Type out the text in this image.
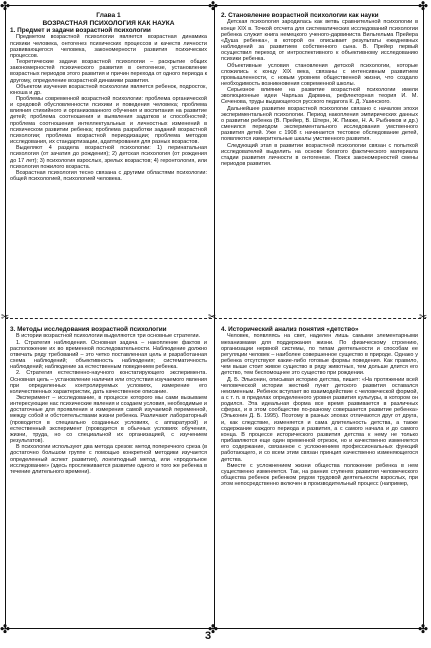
✤	✤
✤	✤
✤
✤
✂	✂	✂
Глава 1
ВОЗРАСТНАЯ ПСИХОЛОГИЯ КАК НАУКА
1. Предмет и задачи возрастной психологии

Предметом возрастной психологии является возрастная динамика психики человека, онтогенез психических процессов и качеств личности развивающегося человека, закономерности развития психических процессов.

Теоретические задачи возрастной психологии – раскрытие общих закономерностей психического развития в онтогенезе, установление возрастных периодов этого развития и причин перехода от одного периода к другому, определение возрастной динамики развития.

Объектом изучения возрастной психологии является ребенок, подросток, юноша и др.

Проблемы современной возрастной психологии: проблема органической и средовой обусловленности психики и поведения человека; проблема влияния стихийного и организованного обучения и воспитания на развитие детей; проблема соотношения и выявления задатков и способностей; проблема соотношения интеллектуальных и личностных изменений в психическом развитии ребенка; проблема разработки заданий возрастной психологии; проблема возрастной периодизации; проблема методов исследования, их стандартизации, адаптирования для разных возрастов.

Выделяют 4 раздела возрастной психологии: 1) перинатальная психология (от зачатия до рождения); 2) детская психология (от рождения до 17 лет); 3) психология взрослых, зрелых возрастов; 4) геронтология, или психология пожилого возраста.

Возрастная психология тесно связана с другими областями психологии: общей психологией, психологией человека.

2. Становление возрастной психологии как науки

Детская психология зародилась как ветвь сравнительной психологии в конце XIX в. Точкой отсчета для систематических исследований психологии ребенка служит книга немецкого ученого-дарвиниста Вильгельма Прейера «Душа ребенка», в которой он описывает результаты ежедневных наблюдений за развитием собственного сына. В. Прейер первый осуществил переход от интроспективного к объективному исследованию психики ребенка.

Объективные условия становления детской психологии, которые сложились к концу XIX века, связаны с интенсивным развитием промышленности, с новым уровнем общественной жизни, что создало необходимость возникновения современной школы.

Серьезное влияние на развитие возрастной психологии имели эволюционные идеи Чарльза Дарвина, рефлекторная теория И. М. Сеченова, труды выдающегося русского педагога К. Д. Ушинского.

Дальнейшее развитие возрастной психологии связано с началом эпохи экспериментальной психологии. Период накопления эмпирических данных о развитии ребенка (В. Прейер, В. Штерн, Ж. Пиаже, Н. А. Рыбников и др.) сменился периодом экспериментального исследования умственного развития детей. Уже с 1908 г. начинается тестовое обследование детей, появляются измерительные шкалы умственного развития.

Следующий этап в развитии возрастной психологии связан с попыткой исследователей выделить на основе богатого фактического материала стадии развития личности в онтогенезе. Поиск закономерностей смены периодов развития.

3. Методы исследования возрастной психологии

В истории возрастной психологии выделяются три основные стратегии.

1. Стратегия наблюдения. Основная задача – накопление фактов и расположение их во временной последовательности. Наблюдение должно отвечать ряду требований – это четко поставленная цель и разработанная схема наблюдений; объективность наблюдения; систематичность наблюдений; наблюдение за естественным поведением ребенка.

2. Стратегия естественно-научного констатирующего эксперимента. Основная цель – установление наличия или отсутствия изучаемого явления при определенных контролируемых условиях, измерение его количественных характеристик, дать качественное описание.

Эксперимент – исследование, в процессе которого мы сами вызываем интересующие нас психические явления и создаем условия, необходимые и достаточные для проявления и измерения самой изучаемой переменной, между собой и обстоятельствами жизни ребенка. Различают лабораторный (проводится в специально созданных условиях, с аппаратурой) и естественный эксперимент (проводится в обычных условиях обучения, жизни, труда, но со специальной их организацией, с изучением результатов).

В психологии используют два метода срезов: метод поперечного среза (в достаточно большом группе с помощью конкретной методики изучается определенный аспект развития), лонгитюдный метод, или «продольное исследование» (здесь прослеживается развитие одного и того же ребенка в течение длительного времени).

4. Исторический анализ понятия «детство»

Человек, появляясь на свет, наделен лишь самыми элементарными механизмами для поддержания жизни. По физическому строению, организации нервной системы, по типам деятельности и способам ее регуляции человек – наиболее совершенное существо в природе. Однако у ребенка отсутствуют какие-либо готовые формы поведения. Как правило, чем выше стоит живое существо в ряду животных, тем дольше длится его детство, тем беспомощнее это существо при рождении.

Д. Б. Эльконин, описывая историю детства, пишет: «На протяжении всей человеческой истории жесткий пункт детского развития оставался неизменным. Ребенок вступает во взаимодействие с человеческой формой, а с т. п. в пределах определенного уровня развития культуры, в котором он родился. Эта идеальная форма все время развивается в различных сферах, и в этом сообществе по-разному совершается развитие ребенка» (Эльконин Д. Б. 1995). Поэтому в разных эпохах отличаются друг от друга, и, как следствие, изменяется и сама длительность детства, а также содержание каждого периода и развития, а с самого начала и до самого конца. В процессе исторического развития детства к нему не только прибавляются еще один временной отрезок, но и качественно изменяется его содержание, связанное с усложнением профессиональных функций работающего, и со всем этим связан принцип качественно изменяющегося детства.

Вместе с усложнением жизни общества положение ребенка в нем существенно изменяется. Так, на ранних ступенях развития человеческого общества ребенок ребенком рядом трудовой деятельности взрослых, при этом непосредственно включен в производительный процесс (например,

3
